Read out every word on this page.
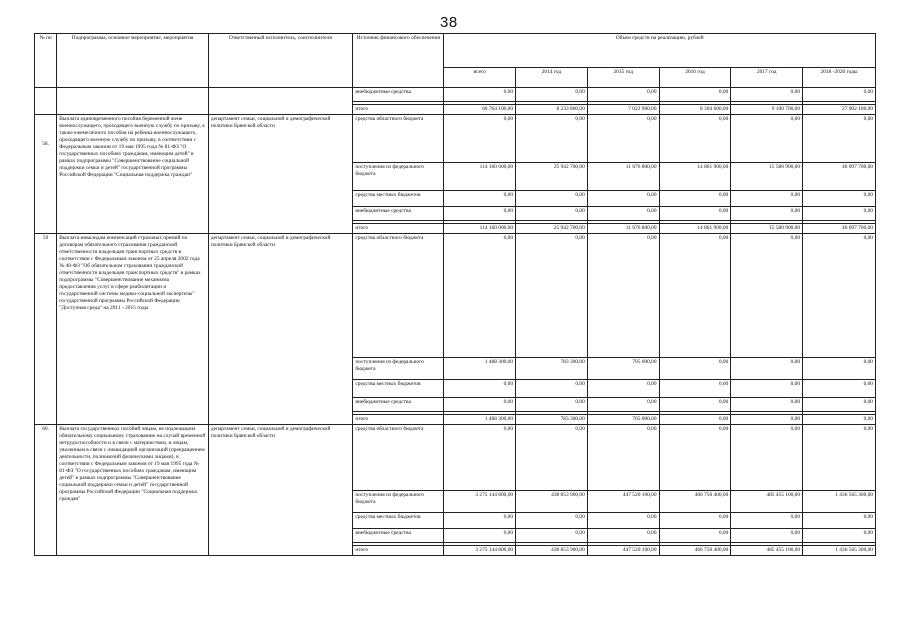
38
№ пп	Подпрограмма, основное мероприятие, мероприятия	Ответственный исполнитель, соисполнители	Источник финансового обеспечения	Объем средств на реализацию, рублей					
				всего	2014 год	2015 год	2016 год	2017 год	2018 -2020 годы
			внебюджетные средства	0,00	0,00	0,00	0,00	0,00	0,00

			итого	60 764 100,00	8 233 800,00	7 022 900,00	8 304 600,00	9 100 700,00	27 902 100,00
58.	Выплата единовременного пособия беременной жене военнослужащего, проходящего военную службу по призыву, а также ежемесячного пособия на ребенка военнослужащего, проходящего военную службу по призыву, в соответствии с Федеральным законом от 19 мая 1995 года № 81-ФЗ "О государственных пособиях гражданам, имеющим детей" в рамках подпрограммы "Совершенствование социальной поддержки семьи и детей" государственной программы Российской Федерации "Социальная поддержка граждан"	департамент семьи, социальной и демографической политики Брянской области	средства областного бюджета	0,00	0,00	0,00	0,00	0,00	0,00
			поступления из федерального бюджета	114 160 000,00	25 942 700,00	11 676 800,00	14 861 900,00	15 580 900,00	46 097 700,00
			средства местных бюджетов	0,00	0,00	0,00	0,00	0,00	0,00
			внебюджетные средства	0,00	0,00	0,00	0,00	0,00	0,00

			итого	114 160 000,00	25 942 700,00	11 676 800,00	14 861 900,00	15 580 900,00	46 097 700,00
59	Выплата инвалидам компенсаций страховых премий по договорам обязательного страхования гражданской ответственности владельцев транспортных средств в соответствии с Федеральным законом от 25 апреля 2002 года № 40-ФЗ "Об обязательном страховании гражданской ответственности владельцев транспортных средств" в рамках подпрограммы "Совершенствование механизма предоставления услуг в сфере реабилитации и государственной системы медико-социальной экспертизы" государственной программы Российской Федерации "Доступная среда" на 2011 - 2015 годы	департамент семьи, социальной и демографической политики Брянской области	средства областного бюджета	0,00	0,00	0,00	0,00	0,00	0,00
			поступления из федерального бюджета	1 488 300,00	783 300,00	705 000,00	0,00	0,00	0,00
			средства местных бюджетов	0,00	0,00	0,00	0,00	0,00	0,00
			внебюджетные средства	0,00	0,00	0,00	0,00	0,00	0,00

			итого	1 488 300,00	783 300,00	705 000,00	0,00	0,00	0,00
60.	Выплата государственных пособий лицам, не подлежащим обязательному социальному страхованию на случай временной нетрудоспособности и в связи с материнством, и лицам, уволенным в связи с ликвидацией организаций (прекращением деятельности, полномочий физическими лицами), в соответствии с Федеральным законом от 19 мая 1995 года № 81-ФЗ "О государственных пособиях гражданам, имеющим детей" в рамках подпрограммы "Совершенствование социальной поддержки семьи и детей" государственной программы Российской Федерации "Социальная поддержка граждан"	департамент семьи, социальной и демографической политики Брянской области	средства областного бюджета	0,00	0,00	0,00	0,00	0,00	0,00
			поступления из федерального бюджета	3 275 144 800,00	438 853 900,00	447 520 100,00	466 750 400,00	485 455 100,00	1 436 565 300,00
			средства местных бюджетов	0,00	0,00	0,00	0,00	0,00	0,00
			внебюджетные средства	0,00	0,00	0,00	0,00	0,00	0,00

			итого	3 275 144 800,00	438 853 900,00	447 520 100,00	466 750 400,00	485 455 100,00	1 436 565 300,00
